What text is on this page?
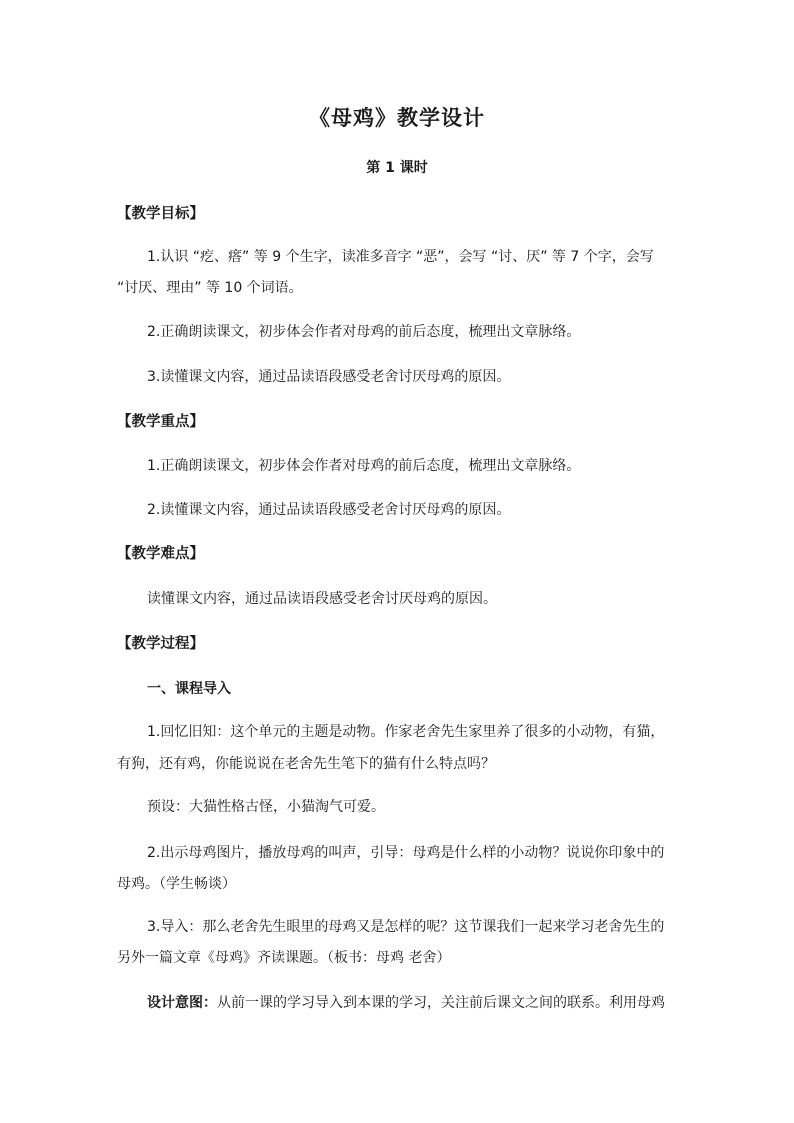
《母鸡》教学设计
第 1 课时
【教学目标】
1.认识 “疙、瘩” 等 9 个生字，读准多音字 “恶”，会写 “讨、厌” 等 7 个字，会写
“讨厌、理由” 等 10 个词语。
2.正确朗读课文，初步体会作者对母鸡的前后态度，梳理出文章脉络。
3.读懂课文内容，通过品读语段感受老舍讨厌母鸡的原因。
【教学重点】
1.正确朗读课文，初步体会作者对母鸡的前后态度，梳理出文章脉络。
2.读懂课文内容，通过品读语段感受老舍讨厌母鸡的原因。
【教学难点】
读懂课文内容，通过品读语段感受老舍讨厌母鸡的原因。
【教学过程】
一、课程导入
1.回忆旧知：这个单元的主题是动物。作家老舍先生家里养了很多的小动物，有猫，
有狗，还有鸡，你能说说在老舍先生笔下的猫有什么特点吗？
预设：大猫性格古怪，小猫淘气可爱。
2.出示母鸡图片，播放母鸡的叫声，引导：母鸡是什么样的小动物？说说你印象中的
母鸡。（学生畅谈）
3.导入：那么老舍先生眼里的母鸡又是怎样的呢？这节课我们一起来学习老舍先生的
另外一篇文章《母鸡》齐读课题。（板书：母鸡 老舍）
设计意图：从前一课的学习导入到本课的学习，关注前后课文之间的联系。利用母鸡
